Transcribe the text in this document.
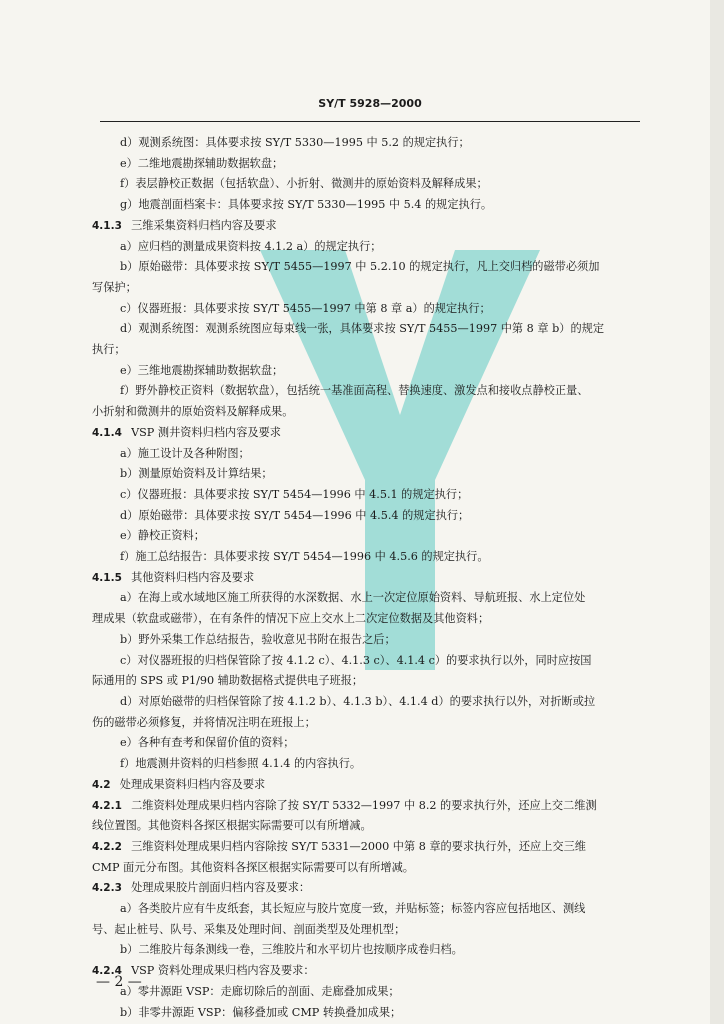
SY/T 5928—2000
d）观测系统图：具体要求按 SY/T 5330—1995 中 5.2 的规定执行；
e）二维地震勘探辅助数据软盘；
f）表层静校正数据（包括软盘）、小折射、微测井的原始资料及解释成果；
g）地震剖面档案卡：具体要求按 SY/T 5330—1995 中 5.4 的规定执行。
4.1.3  三维采集资料归档内容及要求
a）应归档的测量成果资料按 4.1.2 a）的规定执行；
b）原始磁带：具体要求按 SY/T 5455—1997 中 5.2.10 的规定执行，凡上交归档的磁带必须加
写保护；
c）仪器班报：具体要求按 SY/T 5455—1997 中第 8 章 a）的规定执行；
d）观测系统图：观测系统图应每束线一张，具体要求按 SY/T 5455—1997 中第 8 章 b）的规定
执行；
e）三维地震勘探辅助数据软盘；
f）野外静校正资料（数据软盘），包括统一基准面高程、替换速度、激发点和接收点静校正量、
小折射和微测井的原始资料及解释成果。
4.1.4  VSP 测井资料归档内容及要求
a）施工设计及各种附图；
b）测量原始资料及计算结果；
c）仪器班报：具体要求按 SY/T 5454—1996 中 4.5.1 的规定执行；
d）原始磁带：具体要求按 SY/T 5454—1996 中 4.5.4 的规定执行；
e）静校正资料；
f）施工总结报告：具体要求按 SY/T 5454—1996 中 4.5.6 的规定执行。
4.1.5  其他资料归档内容及要求
a）在海上或水域地区施工所获得的水深数据、水上一次定位原始资料、导航班报、水上定位处
理成果（软盘或磁带），在有条件的情况下应上交水上二次定位数据及其他资料；
b）野外采集工作总结报告，验收意见书附在报告之后；
c）对仪器班报的归档保管除了按 4.1.2 c）、4.1.3 c）、4.1.4 c）的要求执行以外，同时应按国
际通用的 SPS 或 P1/90 辅助数据格式提供电子班报；
d）对原始磁带的归档保管除了按 4.1.2 b）、4.1.3 b）、4.1.4 d）的要求执行以外，对折断或拉
伤的磁带必须修复，并将情况注明在班报上；
e）各种有查考和保留价值的资料；
f）地震测井资料的归档参照 4.1.4 的内容执行。
4.2  处理成果资料归档内容及要求
4.2.1  二维资料处理成果归档内容除了按 SY/T 5332—1997 中 8.2 的要求执行外，还应上交二维测
线位置图。其他资料各探区根据实际需要可以有所增减。
4.2.2  三维资料处理成果归档内容除按 SY/T 5331—2000 中第 8 章的要求执行外，还应上交三维
CMP 面元分布图。其他资料各探区根据实际需要可以有所增减。
4.2.3  处理成果胶片剖面归档内容及要求：
a）各类胶片应有牛皮纸套，其长短应与胶片宽度一致，并贴标签；标签内容应包括地区、测线
号、起止桩号、队号、采集及处理时间、剖面类型及处理机型；
b）二维胶片每条测线一卷，三维胶片和水平切片也按顺序成卷归档。
4.2.4  VSP 资料处理成果归档内容及要求：
a）零井源距 VSP：走廊切除后的剖面、走廊叠加成果；
b）非零井源距 VSP：偏移叠加或 CMP 转换叠加成果；
— 2 —
